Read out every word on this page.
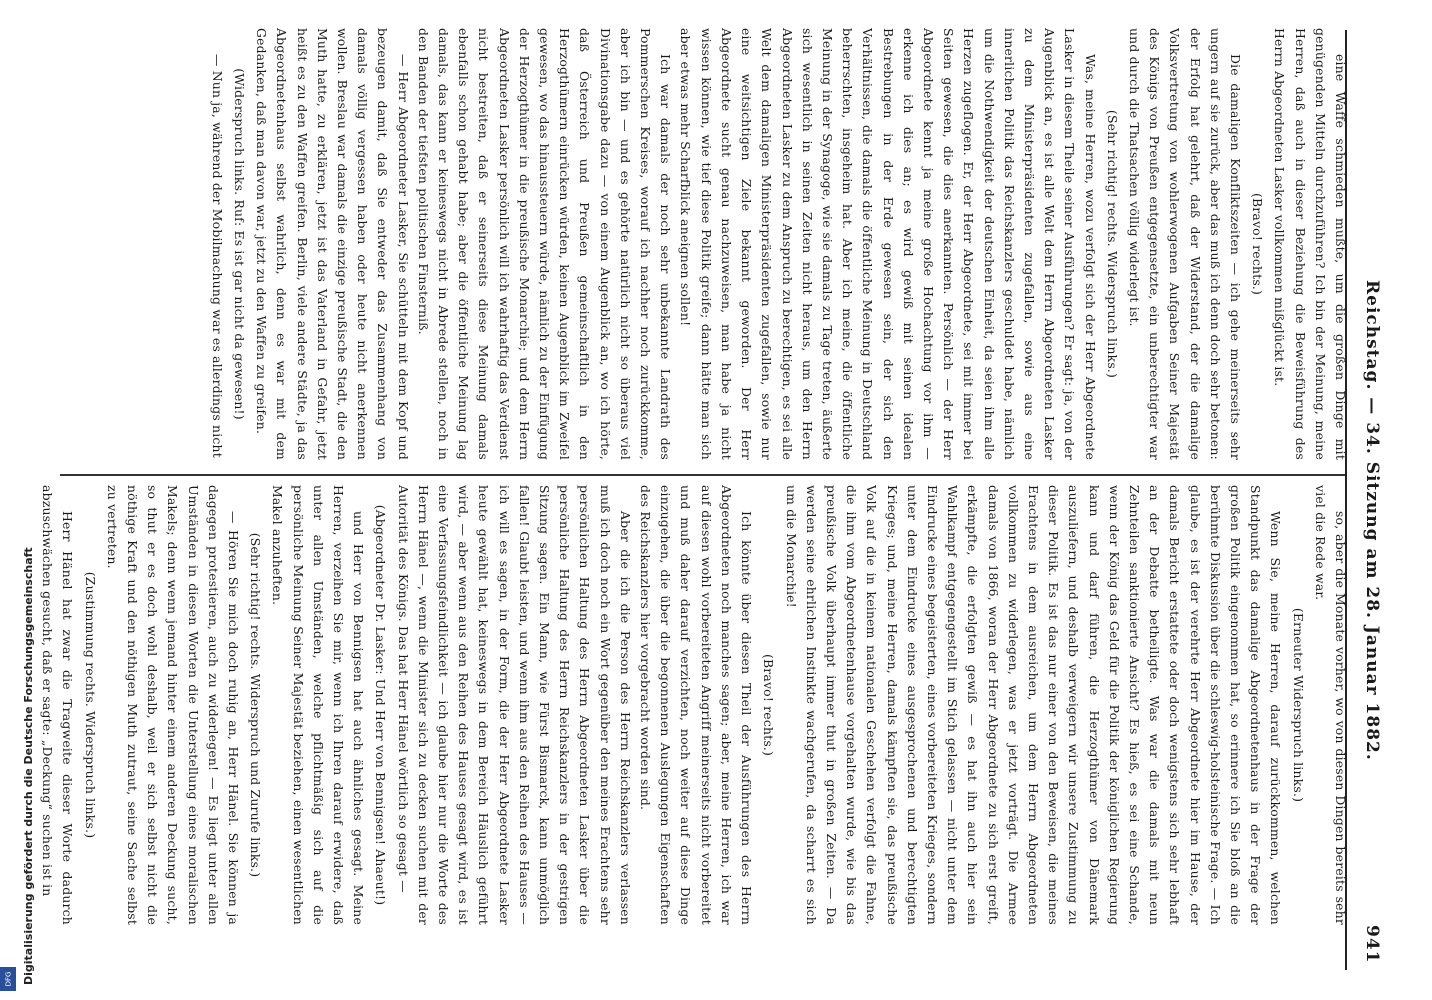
Reichstag. — 34. Sitzung am 28. Januar 1882.
941

eine Waffe schmieden mußte, um die großen Dinge mit genügenden Mitteln durchzuführen? Ich bin der Meinung, meine Herren, daß auch in dieser Beziehung die Beweisführung des Herrn Abgeordneten Lasker vollkommen mißglückt ist.

(Bravo! rechts.)

Die damaligen Konfliktszeiten — ich gehe meinerseits sehr ungern auf sie zurück, aber das muß ich denn doch sehr betonen: der Erfolg hat gelehrt, daß der Widerstand, der die damalige Volksvertretung von wohlerwogenen Aufgaben Seiner Majestät des Königs von Preußen entgegensetzte, ein unberechtigter war und durch die Thatsachen völlig widerlegt ist.

(Sehr richtig! rechts. Widerspruch links.)

Was, meine Herren, wozu verfolgt sich der Herr Abgeordnete Lasker in diesem Theile seiner Ausführungen? Er sagt: ja, von der Augenblick an, es ist alle Welt dem Herrn Abgeordneten Lasker zu dem Ministerpräsidenten zugefallen, sowie aus eine innerlichen Politik das Reichskanzlers geschuldet habe, nämlich um die Nothwendigkeit der deutschen Einheit, da seien ihm alle Herzen zugeflogen. Er, der Herr Abgeordnete, sei mit immer bei Seiten gewesen, die dies anerkannten. Persönlich — der Herr Abgeordnete kennt ja meine große Hochachtung vor ihm — erkenne ich dies an; es wird gewiß mit seinen idealen Bestrebungen in der Erde gewesen sein, der sich den Verhältnissen, die damals die öffentliche Meinung in Deutschland beherrschten, insgeheim hat. Aber ich meine, die öffentliche Meinung in der Synagoge, wie sie damals zu Tage treten, äußerte sich wesentlich in seinen Zeiten nicht heraus, um den Herrn Abgeordneten Lasker zu dem Anspruch zu berechtigen, es sei alle Welt dem damaligen Ministerpräsidenten zugefallen, sowie nur eine weitsichtigen Ziele bekannt geworden. Der Herr Abgeordnete sucht genau nachzuweisen, man habe ja nicht wissen können, wie tief diese Politik greife; dann hätte man sich aber etwas mehr Scharfblick aneignen sollen!

Ich war damals der noch sehr unbekannte Landrath des Pommerschen Kreises, worauf ich nachher noch zurückkomme, aber ich bin — und es gehörte natürlich nicht so überaus viel Divinationsgabe dazu — von einem Augenblick an, wo ich hörte, daß Österreich und Preußen gemeinschaftlich in den Herzogthümern einrücken würden, keinen Augenblick im Zweifel gewesen, wo das hinaussteuern würde, nämlich zu der Einfügung der Herzogthümer in die preußische Monarchie; und dem Herrn Abgeordneten Lasker persönlich will ich wahrhaftig das Verdienst nicht bestreiten, daß er seinerseits diese Meinung damals ebenfalls schon gehabt habe; aber die öffentliche Meinung lag damals, das kann er keineswegs nicht in Abrede stellen, noch in den Banden der tiefsten politischen Finsterniß.

— Herr Abgeordneter Lasker, Sie schütteln mit dem Kopf und bezeugen damit, daß Sie entweder das Zusammenhang von damals völlig vergessen haben oder heute nicht anerkennen wollen. Breslau war damals die einzige preußische Stadt, die den Muth hatte, zu erklären, jetzt ist das Vaterland in Gefahr, jetzt heißt es zu den Waffen greifen. Berlin, viele andere Städte, ja das Abgeordnetenhaus selbst wahrlich, denn es war mit dem Gedanken, daß man davon war, jetzt zu den Waffen zu greifen.

(Widerspruch links. Ruf: Es ist gar nicht da gewesen!)

— Nun ja, während der Mobilmachung war es allerdings nicht

so, aber die Monate vorher, wo von diesen Dingen bereits sehr viel die Rede war.

(Erneuter Widerspruch links.)

Wenn Sie, meine Herren, darauf zurückkommen, welchen Standpunkt das damalige Abgeordnetenhaus in der Frage der großen Politik eingenommen hat, so erinnere ich Sie bloß an die berühmte Diskussion über die schleswig-holsteinische Frage. — Ich glaube, es ist der verehrte Herr Abgeordnete hier im Hause, der damals Bericht erstattete oder doch wenigstens sich sehr lebhaft an der Debatte betheiligte. Was war die damals mit neun Zehnteilen sanktionierte Ansicht? Es hieß, es sei eine Schande, wenn der König das Geld für die Politik der königlichen Regierung kann und darf führen, die Herzogthümer von Dänemark auszuliefern, und deshalb verweigern wir unsere Zustimmung zu dieser Politik. Es ist das nur einer von den Beweisen, die meines Erachtens in dem ausreichen, um dem Herrn Abgeordneten vollkommen zu widerlegen, was er jetzt vorträgt. Die Armee damals von 1866, woran der Herr Abgeordnete zu sich erst greift, erkämpfte, die erfolgten gewiß — es hat ihn auch hier sein Wahlkampf entgegengestellt im Stich gelassen — nicht unter dem Eindrucke eines begeisterten, eines vorbereiteten Krieges, sondern unter dem Eindrucke eines ausgesprochenen und berechtigten Krieges; und, meine Herren, damals kämpften sie, das preußische Volk auf die in keinem nationalen Geschehen verfolgt die Fahne, die ihm vom Abgeordnetenhause vorgehalten wurde, wie bis das preußische Volk überhaupt immer thut in großen Zeiten. — Da werden seine ehrlichen Instinkte wachgerufen, da scharrt es sich um die Monarchie!

(Bravo! rechts.)

Ich könnte über diesen Theil der Ausführungen des Herrn Abgeordneten noch manches sagen; aber, meine Herren, ich war auf diesen wohl vorbereiteten Angriff meinerseits nicht vorbereitet und muß daher darauf verzichten, noch weiter auf diese Dinge einzugehen, die über die begonnenen Auslegungen Eigenschaften des Reichskanzlers hier vorgebracht worden sind.

Aber die ich die Person des Herrn Reichskanzlers verlassen muß ich doch noch ein Wort gegenüber den meines Erachtens sehr persönlichen Haltung des Herrn Abgeordneten Lasker über die persönliche Haltung des Herrn Reichskanzlers in der gestrigen Sitzung sagen. Ein Mann, wie Fürst Bismarck, kann unmöglich fallen! Glaubt leisten, und wenn ihm aus den Reihen des Hauses — ich will es sagen, in der Form, die der Herr Abgeordnete Lasker heute gewählt hat, keineswegs in dem Bereich Häuslich geführt wird, — aber wenn aus den Reihen des Hauses gesagt wird, es ist eine Verfassungsfeindlichkeit — ich glaube hier nur die Worte des Herrn Hänel —, wenn die Minister sich zu decken suchen mit der Autorität des Königs. Das hat Herr Hänel wörtlich so gesagt —

(Abgeordneter Dr. Lasker: Und Herr von Bennigsen! Ahaeut!)

und Herr von Bennigsen hat auch ähnliches gesagt. Meine Herren, verzeihen Sie mir, wenn ich Ihren darauf erwidere, daß unter allen Umständen, welche pflichtmäßig sich auf die persönliche Meinung Seiner Majestät beziehen, einen wesentlichen Makel anzuheften.

(Sehr richtig! rechts. Widerspruch und Zurufe links.)

— Hören Sie mich doch ruhig an, Herr Hänel. Sie können ja dagegen protestieren, auch zu widerlegen! — Es liegt unter allen Umständen in diesen Worten die Unterstellung eines moralischen Makels; denn wenn jemand hinter einem anderen Deckung sucht, so thut er es doch wohl deshalb, weil er sich selbst nicht die nöthige Kraft und den nöthigen Muth zutraut, seine Sache selbst zu vertreten.

(Zustimmung rechts. Widerspruch links.)

Herr Hänel hat zwar die Tragweite dieser Worte dadurch abzuschwächen gesucht, daß er sagte: „Deckung“ suchen ist in

Digitalisierung gefördert durch die Deutsche Forschungsgemeinschaft
DFG
